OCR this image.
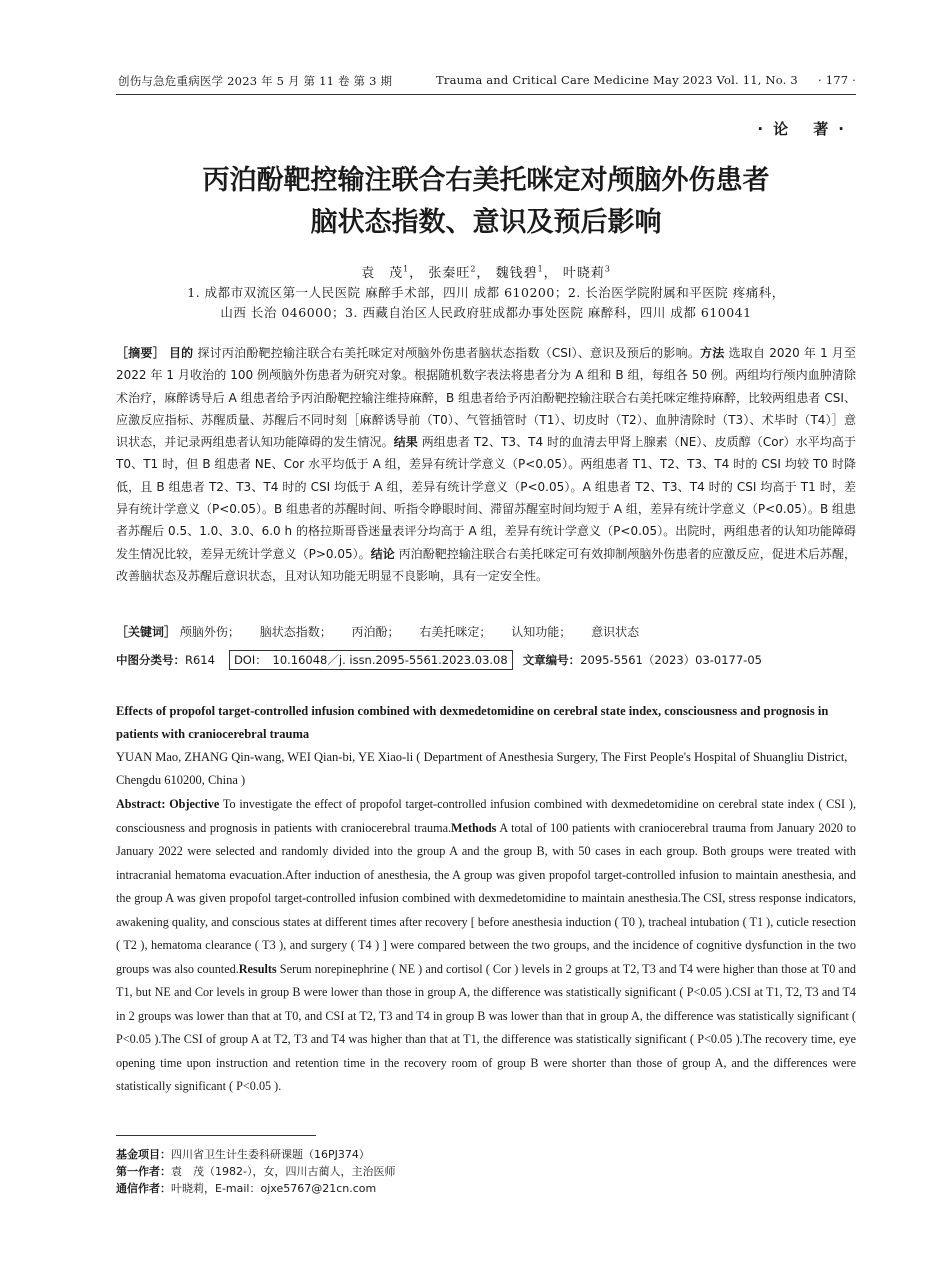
创伤与急危重病医学 2023 年 5 月 第 11 卷 第 3 期	Trauma and Critical Care Medicine May 2023 Vol. 11, No. 3 · 177 ·
·论 著·
丙泊酚靶控输注联合右美托咪定对颅脑外伤患者
脑状态指数、意识及预后影响
袁　茂$^1$， 张秦旺$^2$， 魏钱碧$^1$， 叶晓莉$^3$
1. 成都市双流区第一人民医院 麻醉手术部，四川 成都 610200；2. 长治医学院附属和平医院 疼痛科，
山西 长治 046000；3. 西藏自治区人民政府驻成都办事处医院 麻醉科，四川 成都 610041
［摘要］ 目的 探讨丙泊酚靶控输注联合右美托咪定对颅脑外伤患者脑状态指数（CSI）、意识及预后的影响。方法 选取自 2020 年 1 月至 2022 年 1 月收治的 100 例颅脑外伤患者为研究对象。根据随机数字表法将患者分为 A 组和 B 组，每组各 50 例。两组均行颅内血肿清除术治疗，麻醉诱导后 A 组患者给予丙泊酚靶控输注维持麻醉，B 组患者给予丙泊酚靶控输注联合右美托咪定维持麻醉，比较两组患者 CSI、应激反应指标、苏醒质量、苏醒后不同时刻［麻醉诱导前（T0）、气管插管时（T1）、切皮时（T2）、血肿清除时（T3）、术毕时（T4）］意识状态，并记录两组患者认知功能障碍的发生情况。结果 两组患者 T2、T3、T4 时的血清去甲肾上腺素（NE）、皮质醇（Cor）水平均高于 T0、T1 时，但 B 组患者 NE、Cor 水平均低于 A 组，差异有统计学意义（P<0.05）。两组患者 T1、T2、T3、T4 时的 CSI 均较 T0 时降低，且 B 组患者 T2、T3、T4 时的 CSI 均低于 A 组，差异有统计学意义（P<0.05）。A 组患者 T2、T3、T4 时的 CSI 均高于 T1 时，差异有统计学意义（P<0.05）。B 组患者的苏醒时间、听指令睁眼时间、滞留苏醒室时间均短于 A 组，差异有统计学意义（P<0.05）。B 组患者苏醒后 0.5、1.0、3.0、6.0 h 的格拉斯哥昏迷量表评分均高于 A 组，差异有统计学意义（P<0.05）。出院时，两组患者的认知功能障碍发生情况比较，差异无统计学意义（P>0.05）。结论 丙泊酚靶控输注联合右美托咪定可有效抑制颅脑外伤患者的应激反应，促进术后苏醒，改善脑状态及苏醒后意识状态，且对认知功能无明显不良影响，具有一定安全性。
［关键词］ 颅脑外伤； 脑状态指数； 丙泊酚； 右美托咪定； 认知功能； 意识状态
中图分类号： R614	DOI：　10.16048／j. issn.2095-5561.2023.03.08	文章编号： 2095-5561（2023）03-0177-05
Effects of propofol target-controlled infusion combined with dexmedetomidine on cerebral state index, consciousness and prognosis in patients with craniocerebral trauma
YUAN Mao, ZHANG Qin-wang, WEI Qian-bi, YE Xiao-li ( Department of Anesthesia Surgery, The First People's Hospital of Shuangliu District, Chengdu 610200, China )
Abstract: Objective To investigate the effect of propofol target-controlled infusion combined with dexmedetomidine on cerebral state index ( CSI ), consciousness and prognosis in patients with craniocerebral trauma.Methods A total of 100 patients with craniocerebral trauma from January 2020 to January 2022 were selected and randomly divided into the group A and the group B, with 50 cases in each group. Both groups were treated with intracranial hematoma evacuation.After induction of anesthesia, the A group was given propofol target-controlled infusion to maintain anesthesia, and the group A was given propofol target-controlled infusion combined with dexmedetomidine to maintain anesthesia.The CSI, stress response indicators, awakening quality, and conscious states at different times after recovery [ before anesthesia induction ( T0 ), tracheal intubation ( T1 ), cuticle resection ( T2 ), hematoma clearance ( T3 ), and surgery ( T4 ) ] were compared between the two groups, and the incidence of cognitive dysfunction in the two groups was also counted.Results Serum norepinephrine ( NE ) and cortisol ( Cor ) levels in 2 groups at T2, T3 and T4 were higher than those at T0 and T1, but NE and Cor levels in group B were lower than those in group A, the difference was statistically significant ( P<0.05 ).CSI at T1, T2, T3 and T4 in 2 groups was lower than that at T0, and CSI at T2, T3 and T4 in group B was lower than that in group A, the difference was statistically significant ( P<0.05 ).The CSI of group A at T2, T3 and T4 was higher than that at T1, the difference was statistically significant ( P<0.05 ).The recovery time, eye opening time upon instruction and retention time in the recovery room of group B were shorter than those of group A, and the differences were statistically significant ( P<0.05 ).
基金项目：四川省卫生计生委科研课题（16PJ374）
第一作者：袁　茂（1982-），女，四川古蔺人，主治医师
通信作者：叶晓莉，E-mail：ojxe5767@21cn.com
